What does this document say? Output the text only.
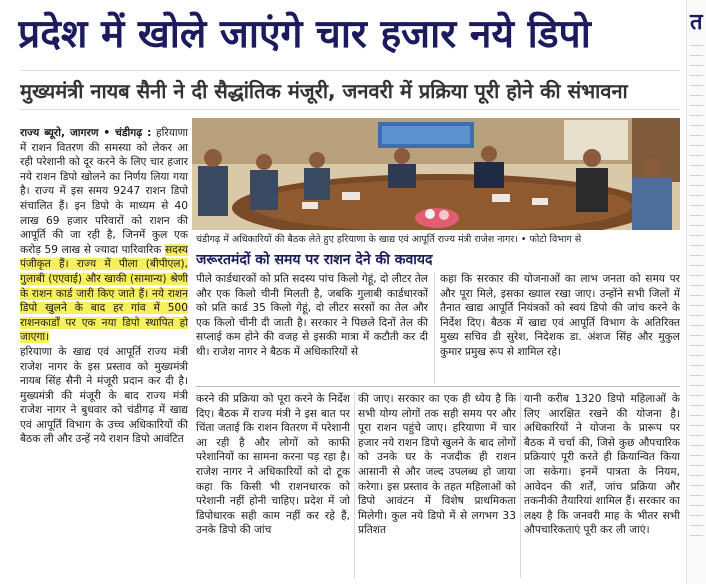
प्रदेश में खोले जाएंगे चार हजार नये डिपो
मुख्यमंत्री नायब सैनी ने दी सैद्धांतिक मंजूरी, जनवरी में प्रक्रिया पूरी होने की संभावना
राज्य ब्यूरो, जागरण • चंडीगढ़ : हरियाणा में राशन वितरण की समस्या को लेकर आ रही परेशानी को दूर करने के लिए चार हजार नये राशन डिपो खोलने का निर्णय लिया गया है। राज्य में इस समय 9247 राशन डिपो संचालित हैं। इन डिपो के माध्यम से 40 लाख 69 हजार परिवारों को राशन की आपूर्ति की जा रही है, जिनमें कुल एक करोड़ 59 लाख से ज्यादा पारिवारिक सदस्य पंजीकृत हैं। राज्य में पीला (बीपीएल), गुलाबी (एएवाई) और खाकी (सामान्य) श्रेणी के राशन कार्ड जारी किए जाते हैं। नये राशन डिपो खुलने के बाद हर गांव में 500 राशनकार्डों पर एक नया डिपो स्थापित हो जाएगा।
हरियाणा के खाद्य एवं आपूर्ति राज्य मंत्री राजेश नागर के इस प्रस्ताव को मुख्यमंत्री नायब सिंह सैनी ने मंजूरी प्रदान कर दी है। मुख्यमंत्री की मंजूरी के बाद राज्य मंत्री राजेश नागर ने बुधवार को चंडीगढ़ में खाद्य एवं आपूर्ति विभाग के उच्च अधिकारियों की बैठक ली और उन्हें नये राशन डिपो आवंटित
चंडीगढ़ में अधिकारियों की बैठक लेते हुए हरियाणा के खाद्य एवं आपूर्ति राज्य मंत्री राजेश नागर। • फोटो विभाग से
जरूरतमंदों को समय पर राशन देने की कवायद
पीले कार्डधारकों को प्रति सदस्य पांच किलो गेहूं, दो लीटर तेल और एक किलो चीनी मिलती है, जबकि गुलाबी कार्डधारकों को प्रति कार्ड 35 किलो गेहूं, दो लीटर सरसों का तेल और एक किलो चीनी दी जाती है। सरकार ने पिछले दिनों तेल की सप्लाई कम होने की वजह से इसकी मात्रा में कटौती कर दी थी। राजेश नागर ने बैठक में अधिकारियों से
कहा कि सरकार की योजनाओं का लाभ जनता को समय पर और पूरा मिले, इसका ख्याल रखा जाए। उन्होंने सभी जिलों में तैनात खाद्य आपूर्ति नियंत्रकों को स्वयं डिपो की जांच करने के निर्देश दिए। बैठक में खाद्य एवं आपूर्ति विभाग के अतिरिक्त मुख्य सचिव डी सुरेश, निदेशक डा. अंशज सिंह और मुकुल कुमार प्रमुख रूप से शामिल रहे।
करने की प्रक्रिया को पूरा करने के निर्देश दिए। बैठक में राज्य मंत्री ने इस बात पर चिंता जताई कि राशन वितरण में परेशानी आ रही है और लोगों को काफी परेशानियों का सामना करना पड़ रहा है। राजेश नागर ने अधिकारियों को दो टूक कहा कि किसी भी राशनधारक को परेशानी नहीं होनी चाहिए। प्रदेश में जो डिपोधारक सही काम नहीं कर रहे हैं, उनके डिपो की जांच
की जाए। सरकार का एक ही ध्येय है कि सभी योग्य लोगों तक सही समय पर और पूरा राशन पहुंचे जाए। हरियाणा में चार हजार नये राशन डिपो खुलने के बाद लोगों को उनके घर के नजदीक ही राशन आसानी से और जल्द उपलब्ध हो जाया करेगा। इस प्रस्ताव के तहत महिलाओं को डिपो आवंटन में विशेष प्राथमिकता मिलेगी। कुल नये डिपो में से लगभग 33 प्रतिशत
यानी करीब 1320 डिपो महिलाओं के लिए आरक्षित रखने की योजना है। अधिकारियों ने योजना के प्रारूप पर बैठक में चर्चा की, जिसे कुछ औपचारिक प्रक्रियाएं पूरी करते ही क्रियान्वित किया जा सकेगा। इनमें पात्रता के नियम, आवेदन की शर्तें, जांच प्रक्रिया और तकनीकी तैयारियां शामिल हैं। सरकार का लक्ष्य है कि जनवरी माह के भीतर सभी औपचारिकताएं पूरी कर ली जाएं।
त
